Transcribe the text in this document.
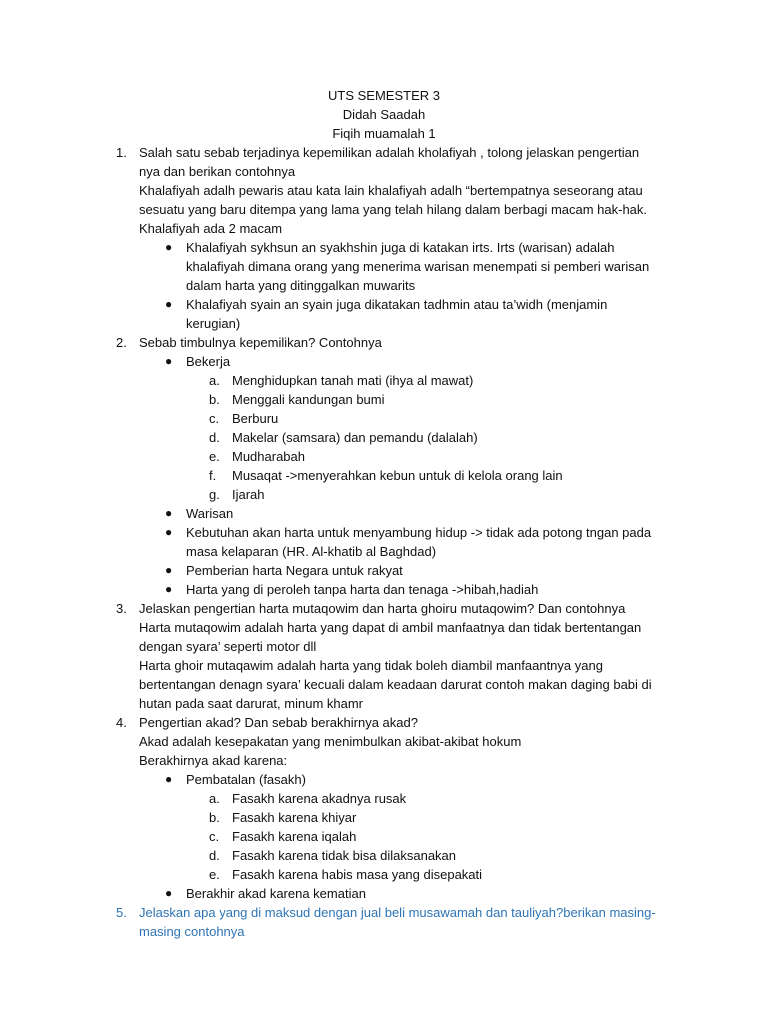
UTS SEMESTER 3
Didah Saadah
Fiqih muamalah 1
1. Salah satu sebab terjadinya kepemilikan adalah kholafiyah , tolong jelaskan pengertian
nya dan berikan contohnya
Khalafiyah adalh pewaris atau kata lain khalafiyah adalh “bertempatnya seseorang atau
sesuatu yang baru ditempa yang lama yang telah hilang dalam berbagi macam hak-hak.
Khalafiyah ada 2 macam
● Khalafiyah sykhsun an syakhshin juga di katakan irts. Irts (warisan) adalah
khalafiyah dimana orang yang menerima warisan menempati si pemberi warisan
dalam harta yang ditinggalkan muwarits
● Khalafiyah syain an syain juga dikatakan tadhmin atau ta’widh (menjamin
kerugian)
2. Sebab timbulnya kepemilikan? Contohnya
● Bekerja
a. Menghidupkan tanah mati (ihya al mawat)
b. Menggali kandungan bumi
c. Berburu
d. Makelar (samsara) dan pemandu (dalalah)
e. Mudharabah
f. Musaqat ->menyerahkan kebun untuk di kelola orang lain
g. Ijarah
● Warisan
● Kebutuhan akan harta untuk menyambung hidup -> tidak ada potong tngan pada
masa kelaparan (HR. Al-khatib al Baghdad)
● Pemberian harta Negara untuk rakyat
● Harta yang di peroleh tanpa harta dan tenaga ->hibah,hadiah
3. Jelaskan pengertian harta mutaqowim dan harta ghoiru mutaqowim? Dan contohnya
Harta mutaqowim adalah harta yang dapat di ambil manfaatnya dan tidak bertentangan
dengan syara’ seperti motor dll
Harta ghoir mutaqawim adalah harta yang tidak boleh diambil manfaantnya yang
bertentangan denagn syara’ kecuali dalam keadaan darurat contoh makan daging babi di
hutan pada saat darurat, minum khamr
4. Pengertian akad? Dan sebab berakhirnya akad?
Akad adalah kesepakatan yang menimbulkan akibat-akibat hokum
Berakhirnya akad karena:
● Pembatalan (fasakh)
a. Fasakh karena akadnya rusak
b. Fasakh karena khiyar
c. Fasakh karena iqalah
d. Fasakh karena tidak bisa dilaksanakan
e. Fasakh karena habis masa yang disepakati
● Berakhir akad karena kematian
5. Jelaskan apa yang di maksud dengan jual beli musawamah dan tauliyah?berikan masing-
masing contohnya
